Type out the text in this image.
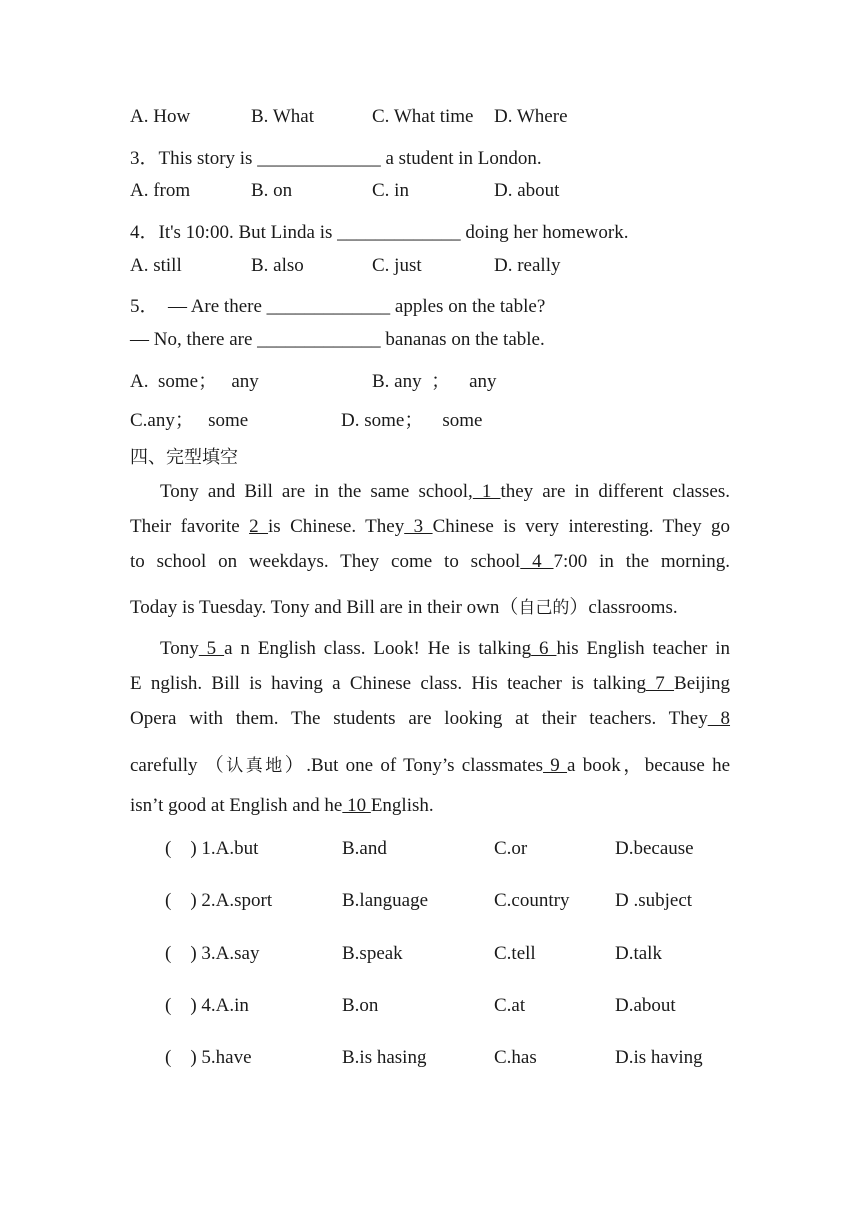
A. How	B. What	C. What time D. Where
3．This story is _____________ a student in London.
A. from	B. on	C. in	D. about
4．It's 10:00. But Linda is _____________ doing her homework.
A. still	B. also	C. just	D. really
5．  — Are there _____________ apples on the table?
— No, there are _____________ bananas on the table.
A.  some；   any	B. any  ；    any
C.any；   some	D. some；    some
四、完型填空
Tony and Bill are in the same school, 1 they are in different classes.
Their favorite 2 is Chinese. They 3 Chinese is very interesting. They go
to school on weekdays. They come to school 4 7:00 in the morning.
Today is Tuesday. Tony and Bill are in their own（自己的）classrooms.
Tony 5 a n English class. Look! He is talking 6 his English teacher in
E nglish. Bill is having a Chinese class. His teacher is talking 7 Beijing
Opera with them. The students are looking at their teachers. They 8
carefully （认真地）.But one of Tony’s classmates 9 a book，because he
isn’t good at English and he 10 English.
(    ) 1.A.but	B.and	C.or	D.because
(    ) 2.A.sport	B.language	C.country D .subject
(    ) 3.A.say	B.speak	C.tell	D.talk
(    ) 4.A.in	B.on	C.at	D.about
(    ) 5.have	B.is hasing	C.has	D.is having
